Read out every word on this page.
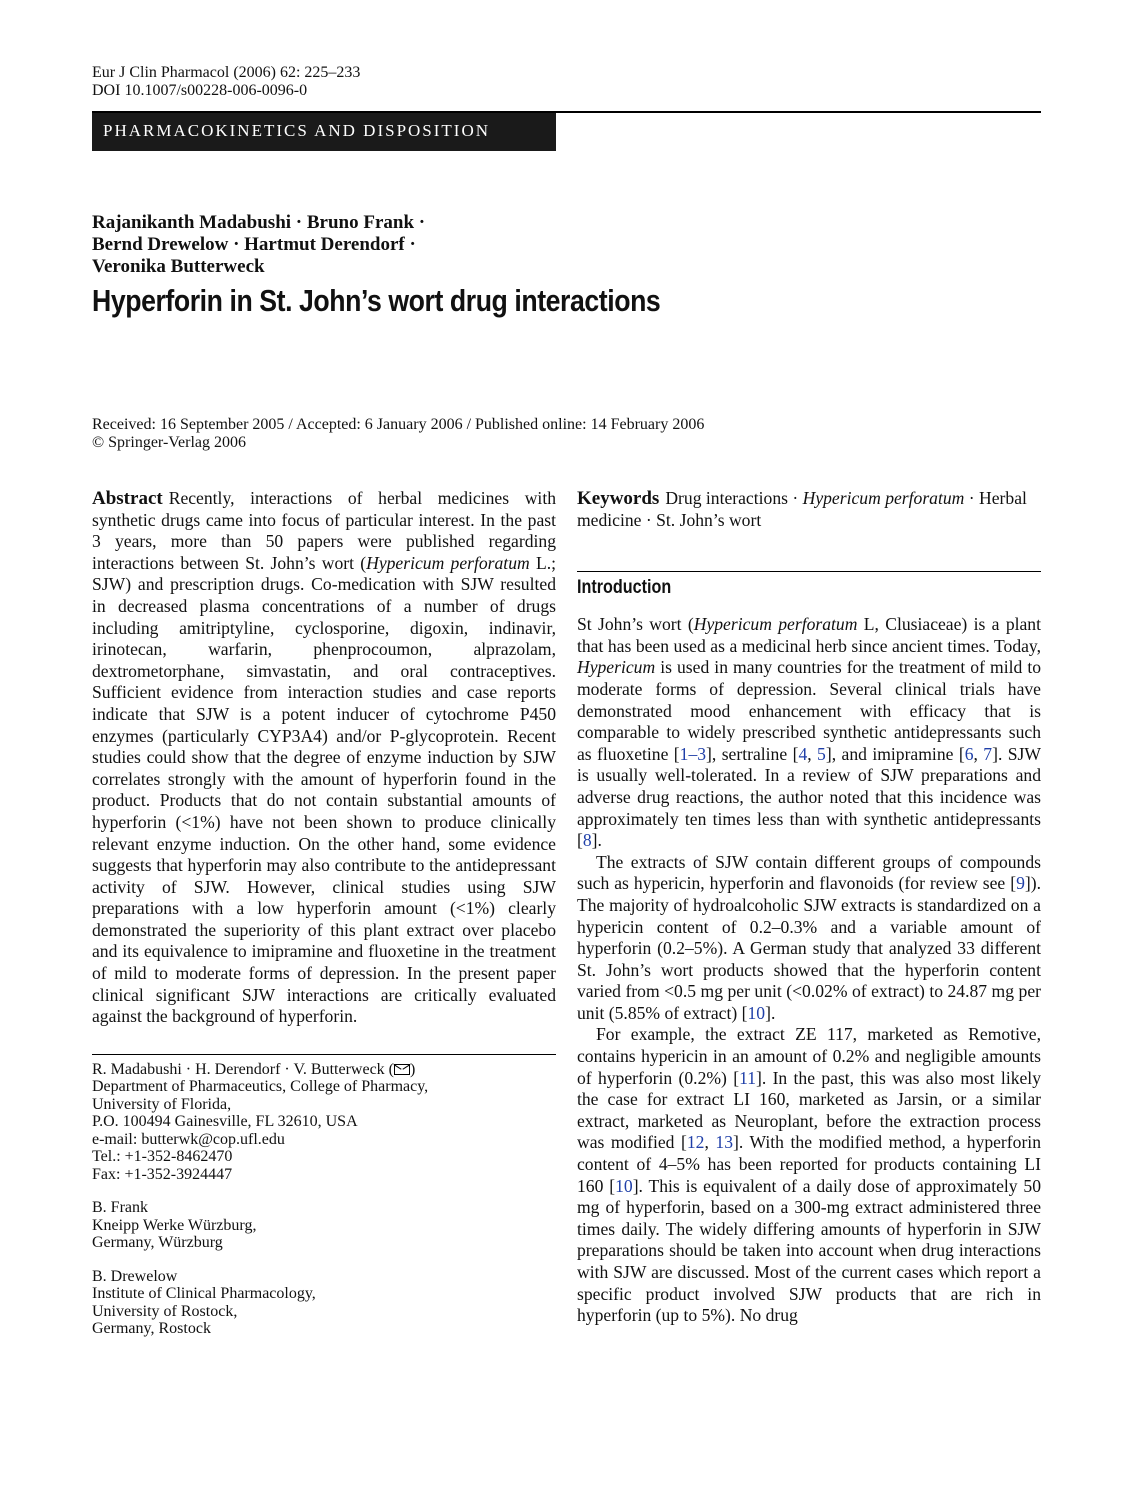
Eur J Clin Pharmacol (2006) 62: 225–233
DOI 10.1007/s00228-006-0096-0
PHARMACOKINETICS AND DISPOSITION
Rajanikanth Madabushi · Bruno Frank ·
Bernd Drewelow · Hartmut Derendorf ·
Veronika Butterweck
Hyperforin in St. John’s wort drug interactions
Received: 16 September 2005 / Accepted: 6 January 2006 / Published online: 14 February 2006
© Springer-Verlag 2006

Abstract Recently, interactions of herbal medicines with synthetic drugs came into focus of particular interest. In the past 3 years, more than 50 papers were published regarding interactions between St. John’s wort (Hypericum perforatum L.; SJW) and prescription drugs. Co-medication with SJW resulted in decreased plasma concentrations of a number of drugs including amitriptyline, cyclosporine, digoxin, indinavir, irinotecan, warfarin, phenprocoumon, alprazolam, dextrometorphane, simvastatin, and oral contraceptives. Sufficient evidence from interaction studies and case reports indicate that SJW is a potent inducer of cytochrome P450 enzymes (particularly CYP3A4) and/or P-glycoprotein. Recent studies could show that the degree of enzyme induction by SJW correlates strongly with the amount of hyperforin found in the product. Products that do not contain substantial amounts of hyperforin (<1%) have not been shown to produce clinically relevant enzyme induction. On the other hand, some evidence suggests that hyperforin may also contribute to the antidepressant activity of SJW. However, clinical studies using SJW preparations with a low hyperforin amount (<1%) clearly demonstrated the superiority of this plant extract over placebo and its equivalence to imipramine and fluoxetine in the treatment of mild to moderate forms of depression. In the present paper clinical significant SJW interactions are critically evaluated against the background of hyperforin.

R. Madabushi · H. Derendorf · V. Butterweck ( )
Department of Pharmaceutics, College of Pharmacy,
University of Florida,
P.O. 100494 Gainesville, FL 32610, USA
e-mail: butterwk@cop.ufl.edu
Tel.: +1-352-8462470
Fax: +1-352-3924447
B. Frank
Kneipp Werke Würzburg,
Germany, Würzburg
B. Drewelow
Institute of Clinical Pharmacology,
University of Rostock,
Germany, Rostock

Keywords Drug interactions · Hypericum perforatum · Herbal medicine · St. John’s wort

Introduction

St John’s wort (Hypericum perforatum L, Clusiaceae) is a plant that has been used as a medicinal herb since ancient times. Today, Hypericum is used in many countries for the treatment of mild to moderate forms of depression. Several clinical trials have demonstrated mood enhancement with efficacy that is comparable to widely prescribed synthetic antidepressants such as fluoxetine [1–3], sertraline [4, 5], and imipramine [6, 7]. SJW is usually well-tolerated. In a review of SJW preparations and adverse drug reactions, the author noted that this incidence was approximately ten times less than with synthetic antidepressants [8].

The extracts of SJW contain different groups of compounds such as hypericin, hyperforin and flavonoids (for review see [9]). The majority of hydroalcoholic SJW extracts is standardized on a hypericin content of 0.2–0.3% and a variable amount of hyperforin (0.2–5%). A German study that analyzed 33 different St. John’s wort products showed that the hyperforin content varied from <0.5 mg per unit (<0.02% of extract) to 24.87 mg per unit (5.85% of extract) [10].

For example, the extract ZE 117, marketed as Remotive, contains hypericin in an amount of 0.2% and negligible amounts of hyperforin (0.2%) [11]. In the past, this was also most likely the case for extract LI 160, marketed as Jarsin, or a similar extract, marketed as Neuroplant, before the extraction process was modified [12, 13]. With the modified method, a hyperforin content of 4–5% has been reported for products containing LI 160 [10]. This is equivalent of a daily dose of approximately 50 mg of hyperforin, based on a 300-mg extract administered three times daily. The widely differing amounts of hyperforin in SJW preparations should be taken into account when drug interactions with SJW are discussed. Most of the current cases which report a specific product involved SJW products that are rich in hyperforin (up to 5%). No drug
